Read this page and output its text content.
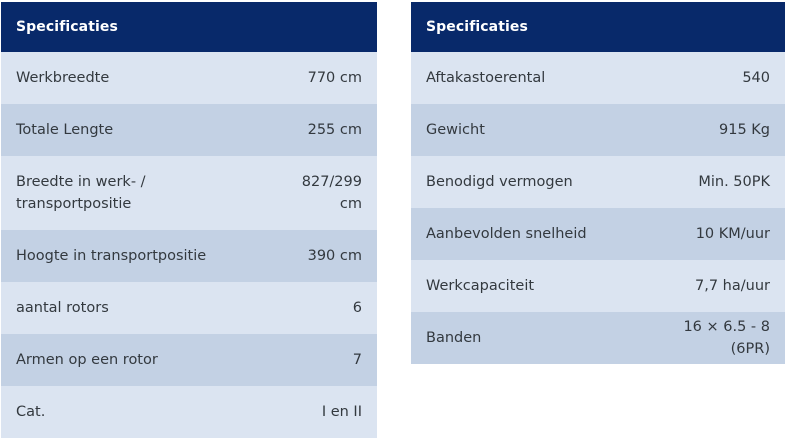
Specificaties	
Werkbreedte	770 cm
Totale Lengte	255 cm
Breedte in werk- / transportpositie	827/299 cm
Hoogte in transportpositie	390 cm
aantal rotors	6
Armen op een rotor	7
Cat.	I en II
Specificaties	
Aftakastoerental	540
Gewicht	915 Kg
Benodigd vermogen	Min. 50PK
Aanbevolden snelheid	10 KM/uur
Werkcapaciteit	7,7 ha/uur
Banden	16 × 6.5 - 8 (6PR)
